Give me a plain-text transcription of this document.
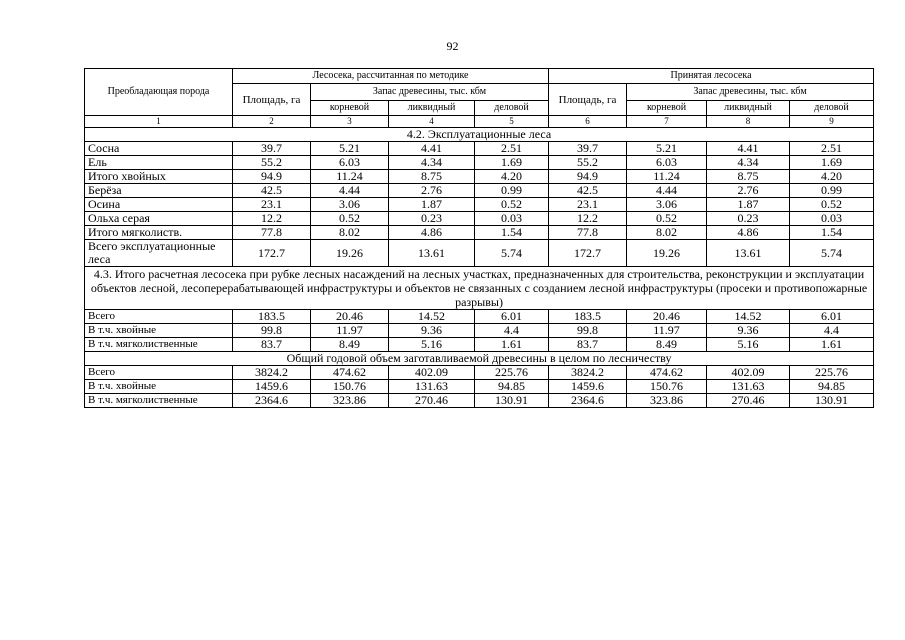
92
Преобладающая порода	Лесосека, рассчитанная по методике				Принятая лесосека			
	Площадь, га	Запас древесины, тыс. кбм			Площадь, га	Запас древесины, тыс. кбм		
		корневой	ликвидный	деловой		корнeвой	ликвидный	деловой
1	2	3	4	5	6	7	8	9
4.2. Эксплуатационные леса								
Сосна	39.7	5.21	4.41	2.51	39.7	5.21	4.41	2.51
Ель	55.2	6.03	4.34	1.69	55.2	6.03	4.34	1.69
Итого хвойных	94.9	11.24	8.75	4.20	94.9	11.24	8.75	4.20
Берёза	42.5	4.44	2.76	0.99	42.5	4.44	2.76	0.99
Осина	23.1	3.06	1.87	0.52	23.1	3.06	1.87	0.52
Ольха серая	12.2	0.52	0.23	0.03	12.2	0.52	0.23	0.03
Итого мягколиств.	77.8	8.02	4.86	1.54	77.8	8.02	4.86	1.54
Всего эксплуатационные леса	172.7	19.26	13.61	5.74	172.7	19.26	13.61	5.74
4.3. Итого расчетная лесосека при рубке лесных насаждений на лесных участках, предназначенных для строительства, реконструкции и эксплуатации объектов лесной, лесоперерабатывающей инфраструктуры и объектов не связанных с созданием лесной инфраструктуры (просеки и противопожарные разрывы)								
Всего	183.5	20.46	14.52	6.01	183.5	20.46	14.52	6.01
В т.ч. хвойные	99.8	11.97	9.36	4.4	99.8	11.97	9.36	4.4
В т.ч. мягколиственные	83.7	8.49	5.16	1.61	83.7	8.49	5.16	1.61
Общий годовой объем заготавливаемой древесины в целом по лесничеству								
Всего	3824.2	474.62	402.09	225.76	3824.2	474.62	402.09	225.76
В т.ч. хвойные	1459.6	150.76	131.63	94.85	1459.6	150.76	131.63	94.85
В т.ч. мягколиственные	2364.6	323.86	270.46	130.91	2364.6	323.86	270.46	130.91
